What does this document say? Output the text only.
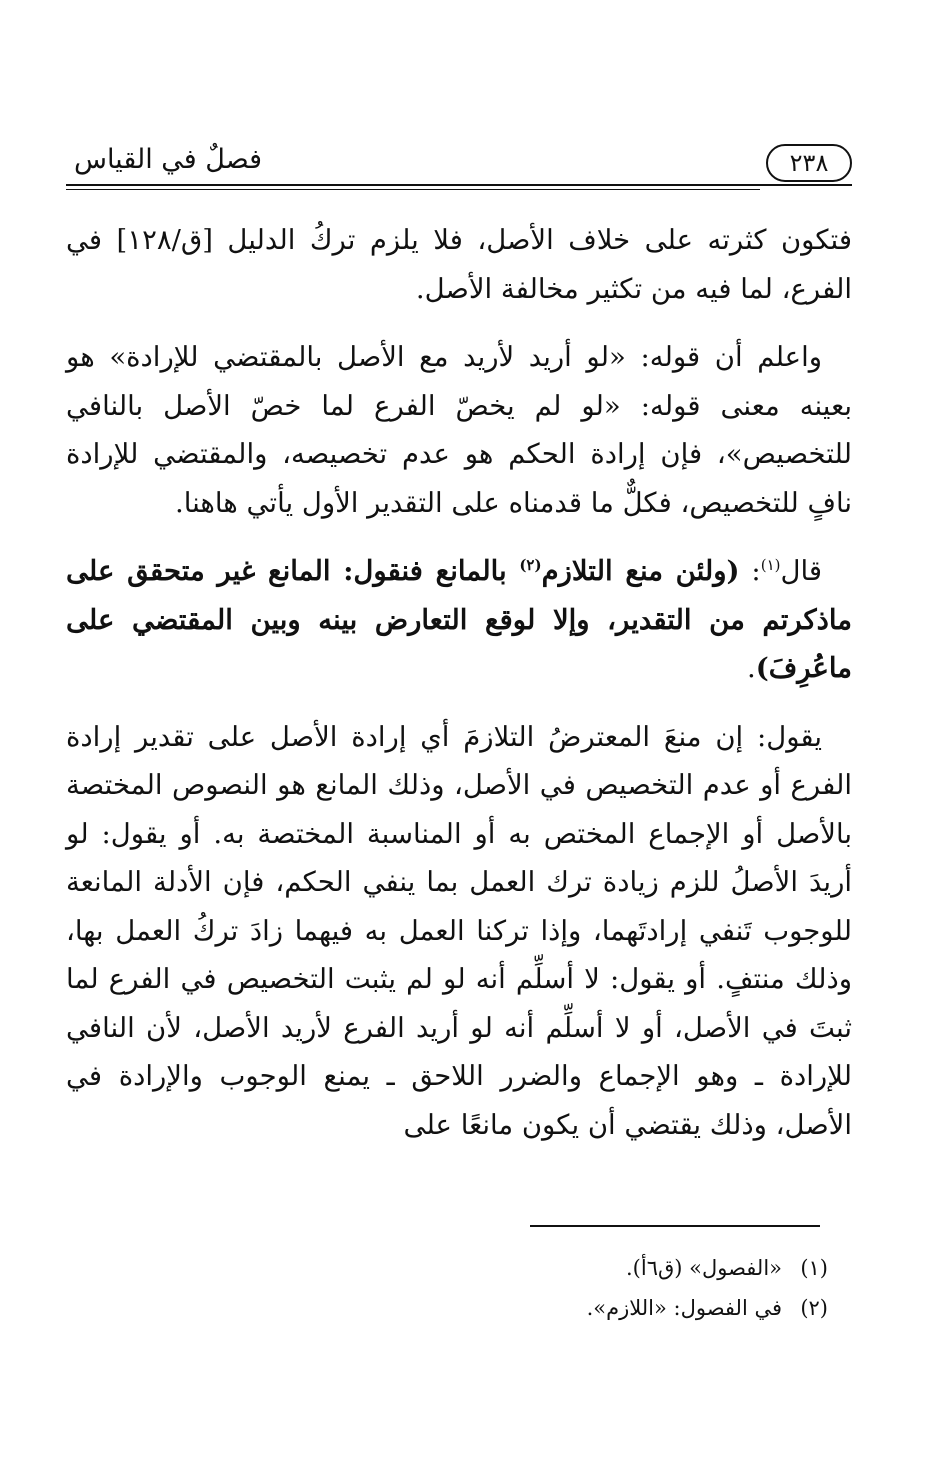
٢٣٨
فصلٌ في القياس

فتكون كثرته على خلاف الأصل، فلا يلزم تركُ الدليل [ق/١٢٨] في الفرع، لما فيه من تكثير مخالفة الأصل.

واعلم أن قوله: «لو أريد لأريد مع الأصل بالمقتضي للإرادة» هو بعينه معنى قوله: «لو لم يخصّ الفرع لما خصّ الأصل بالنافي للتخصيص»، فإن إرادة الحكم هو عدم تخصيصه، والمقتضي للإرادة نافٍ للتخصيص، فكلٌّ ما قدمناه على التقدير الأول يأتي هاهنا.

قال$^{(١)}$: (ولئن منع التلازم$^{(٢)}$ بالمانع فنقول: المانع غير متحقق على ماذكرتم من التقدير، وإلا لوقع التعارض بينه وبين المقتضي على ماعُرِفَ).

يقول: إن منعَ المعترضُ التلازمَ أي إرادة الأصل على تقدير إرادة الفرع أو عدم التخصيص في الأصل، وذلك المانع هو النصوص المختصة بالأصل أو الإجماع المختص به أو المناسبة المختصة به. أو يقول: لو أريدَ الأصلُ للزم زيادة ترك العمل بما ينفي الحكم، فإن الأدلة المانعة للوجوب تَنفي إرادتَهما، وإذا تركنا العمل به فيهما زادَ تركُ العمل بها، وذلك منتفٍ. أو يقول: لا أسلِّم أنه لو لم يثبت التخصيص في الفرع لما ثبتَ في الأصل، أو لا أسلِّم أنه لو أريد الفرع لأريد الأصل، لأن النافي للإرادة ـ وهو الإجماع والضرر اللاحق ـ يمنع الوجوب والإرادة في الأصل، وذلك يقتضي أن يكون مانعًا على

(١)«الفصول» (ق٦أ).

(٢)في الفصول: «اللازم».
